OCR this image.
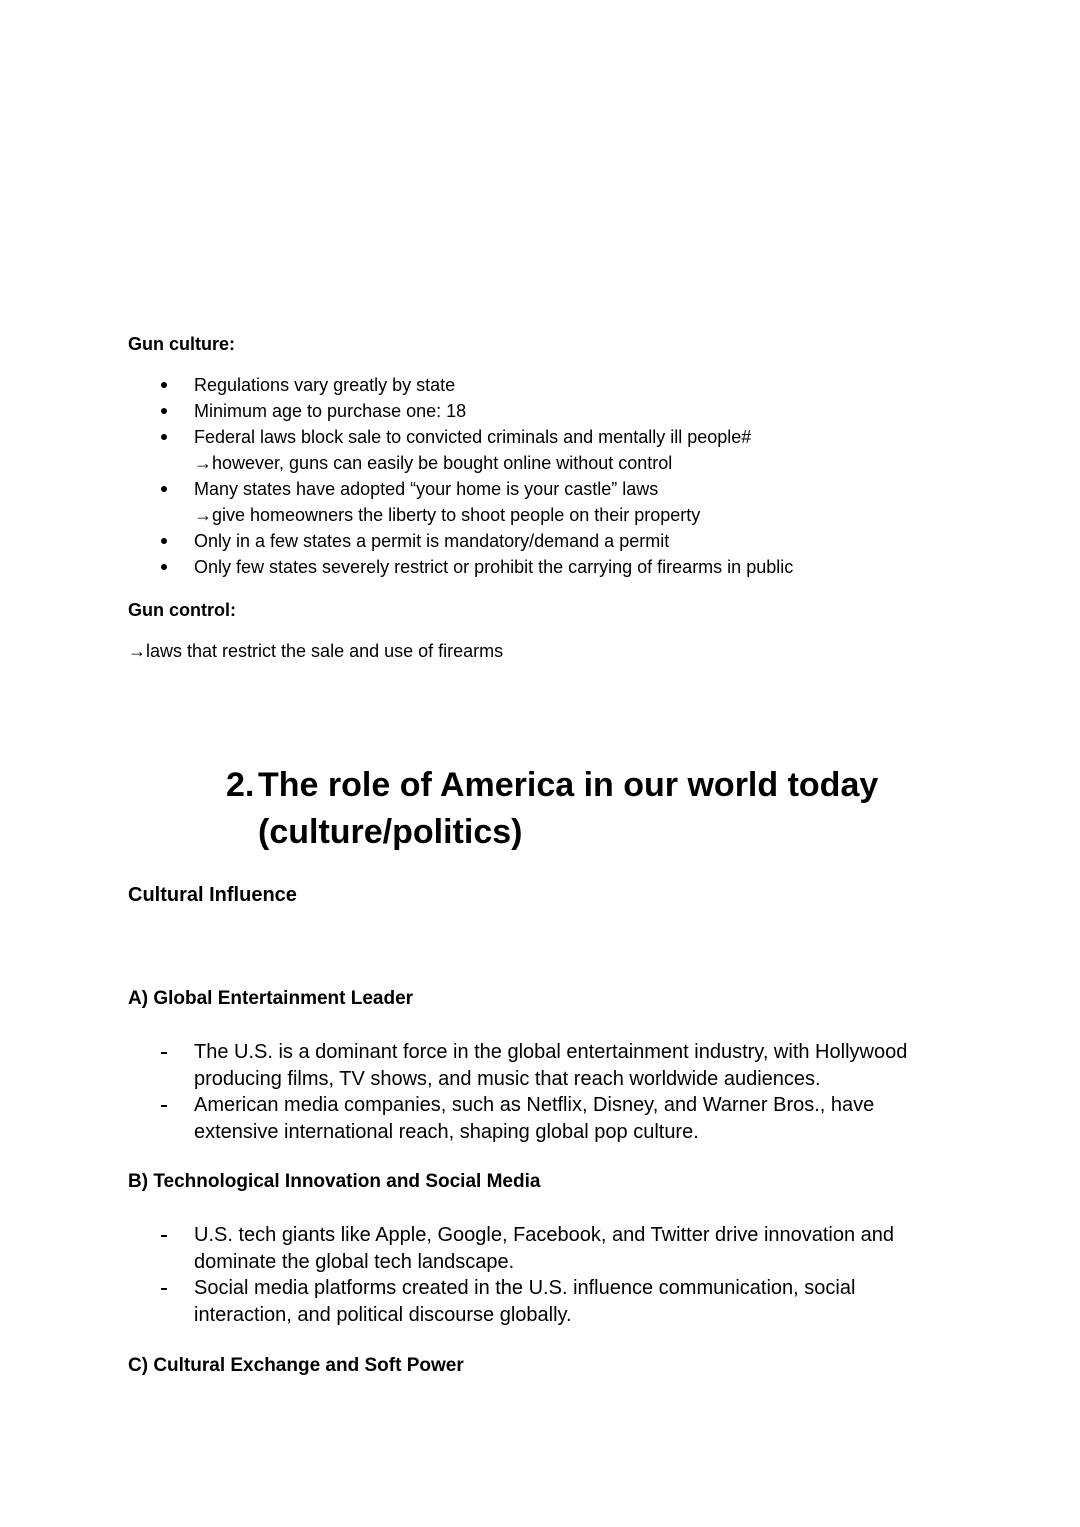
Gun culture:
Regulations vary greatly by state
Minimum age to purchase one: 18
Federal laws block sale to convicted criminals and mentally ill people#
→however, guns can easily be bought online without control
Many states have adopted “your home is your castle” laws
→give homeowners the liberty to shoot people on their property
Only in a few states a permit is mandatory/demand a permit
Only few states severely restrict or prohibit the carrying of firearms in public
Gun control:
→laws that restrict the sale and use of firearms
2. The role of America in our world today
(culture/politics)
Cultural Influence
A) Global Entertainment Leader
The U.S. is a dominant force in the global entertainment industry, with Hollywood
producing films, TV shows, and music that reach worldwide audiences.
American media companies, such as Netflix, Disney, and Warner Bros., have
extensive international reach, shaping global pop culture.
B) Technological Innovation and Social Media
U.S. tech giants like Apple, Google, Facebook, and Twitter drive innovation and
dominate the global tech landscape.
Social media platforms created in the U.S. influence communication, social
interaction, and political discourse globally.
C) Cultural Exchange and Soft Power
